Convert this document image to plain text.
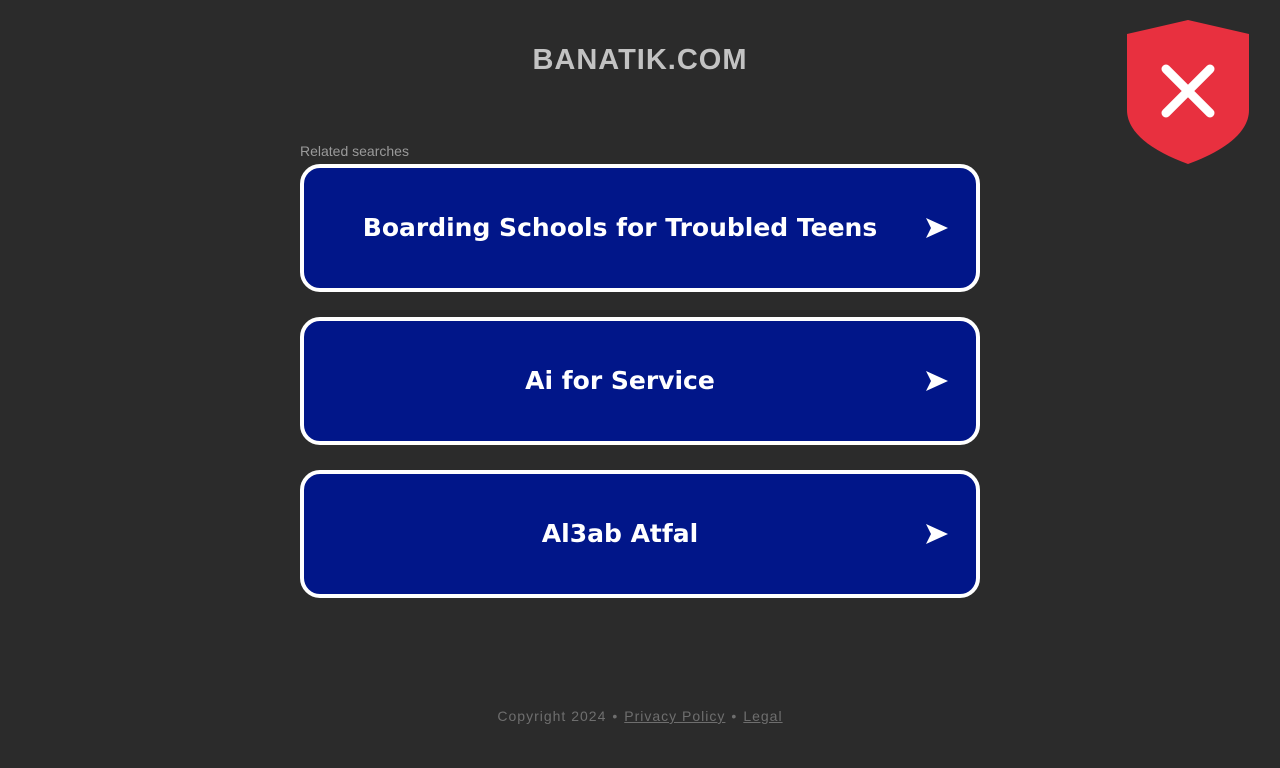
BANATIK.COM
Related searches
Boarding Schools for Troubled Teens
Ai for Service
Al3ab Atfal
Copyright 2024 • Privacy Policy • Legal
